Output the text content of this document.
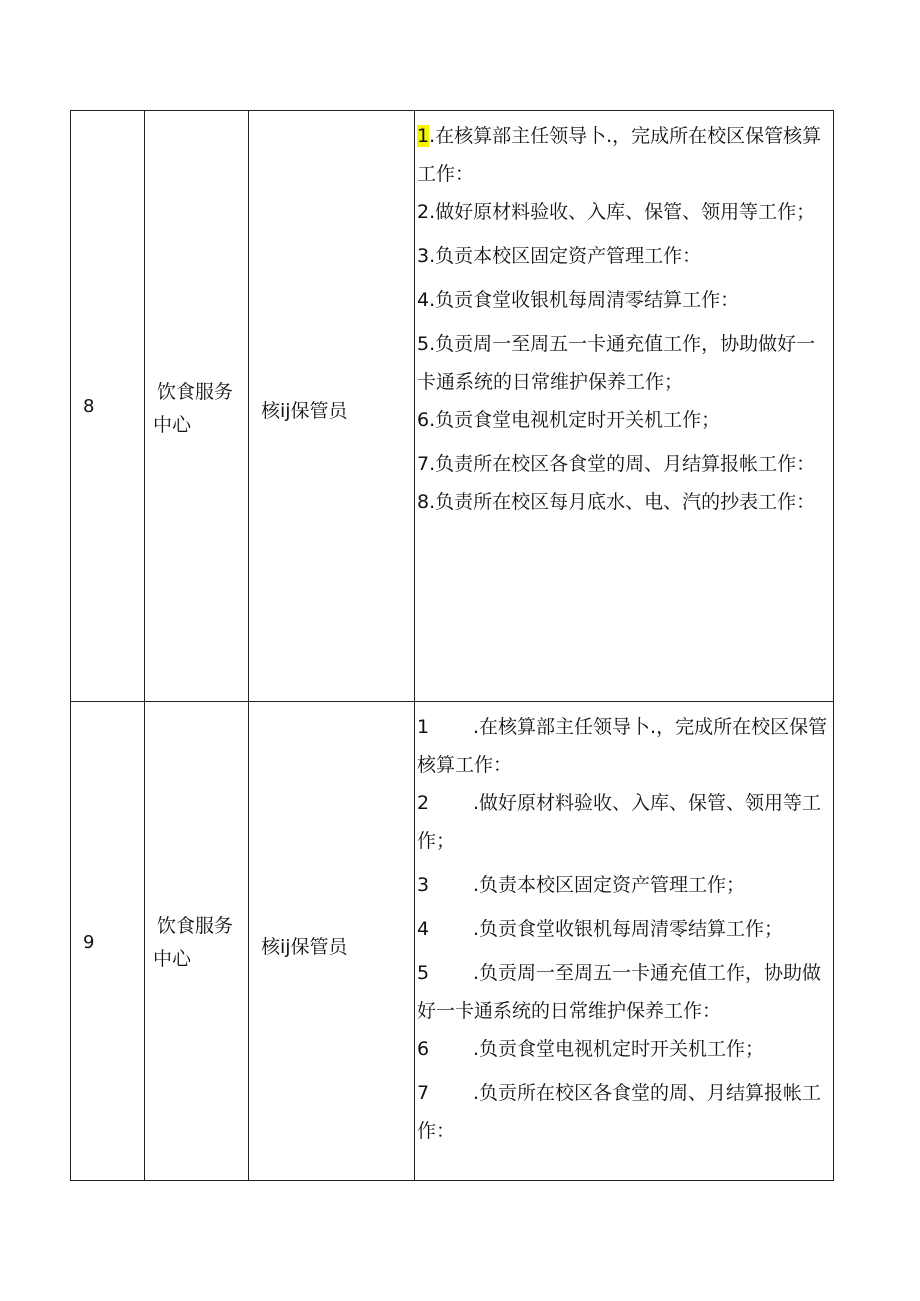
8
饮食服务中心
核ij保管员

1.在核算部主任领导卜.，完成所在校区保管核算工作：

2.做好原材料验收、入库、保管、领用等工作；

3.负贡本校区固定资产管理工作：

4.负贡食堂收银机每周清零结算工作：

5.负贡周一至周五一卡通充值工作，协助做好一卡通系统的日常维护保养工作；

6.负贡食堂电视机定时开关机工作；

7.负责所在校区各食堂的周、月结算报帐工作：

8.负责所在校区每月底水、电、汽的抄表工作：

9
饮食服务中心
核ij保管员

1 .在核算部主任领导卜.，完成所在校区保管核算工作：

2 .做好原材料验收、入库、保管、领用等工作；

3 .负责本校区固定资产管理工作；

4 .负贡食堂收银机每周清零结算工作；

5 .负贡周一至周五一卡通充值工作，协助做好一卡通系统的日常维护保养工作：

6 .负贡食堂电视机定时开关机工作；

7 .负贡所在校区各食堂的周、月结算报帐工作：
